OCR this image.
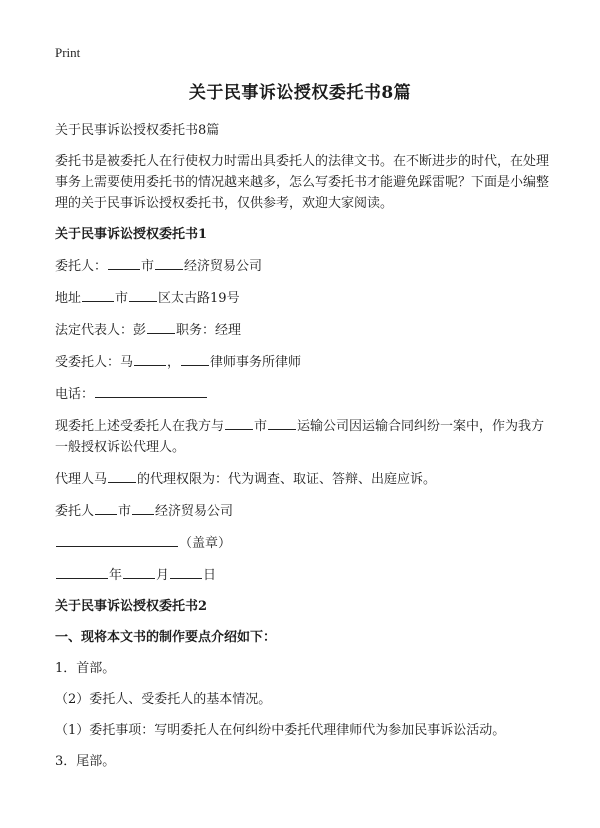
Print
关于民事诉讼授权委托书8篇

关于民事诉讼授权委托书8篇

委托书是被委托人在行使权力时需出具委托人的法律文书。在不断进步的时代，在处理事务上需要使用委托书的情况越来越多，怎么写委托书才能避免踩雷呢？下面是小编整理的关于民事诉讼授权委托书，仅供参考，欢迎大家阅读。

关于民事诉讼授权委托书1

委托人：	市 经济贸易公司

地址	市 区太古路19号

法定代表人：彭 职务：经理

受委托人：马	， 律师事务所律师

电话：

现委托上述受委托人在我方与 市 运输公司因运输合同纠纷一案中，作为我方一般授权诉讼代理人。

代理人马 的代理权限为：代为调查、取证、答辩、出庭应诉。

委托人 市 经济贸易公司

（盖章）

年	月	日

关于民事诉讼授权委托书2

一、现将本文书的制作要点介绍如下：

1．首部。

（2）委托人、受委托人的基本情况。

（1）委托事项：写明委托人在何纠纷中委托代理律师代为参加民事诉讼活动。

3．尾部。
